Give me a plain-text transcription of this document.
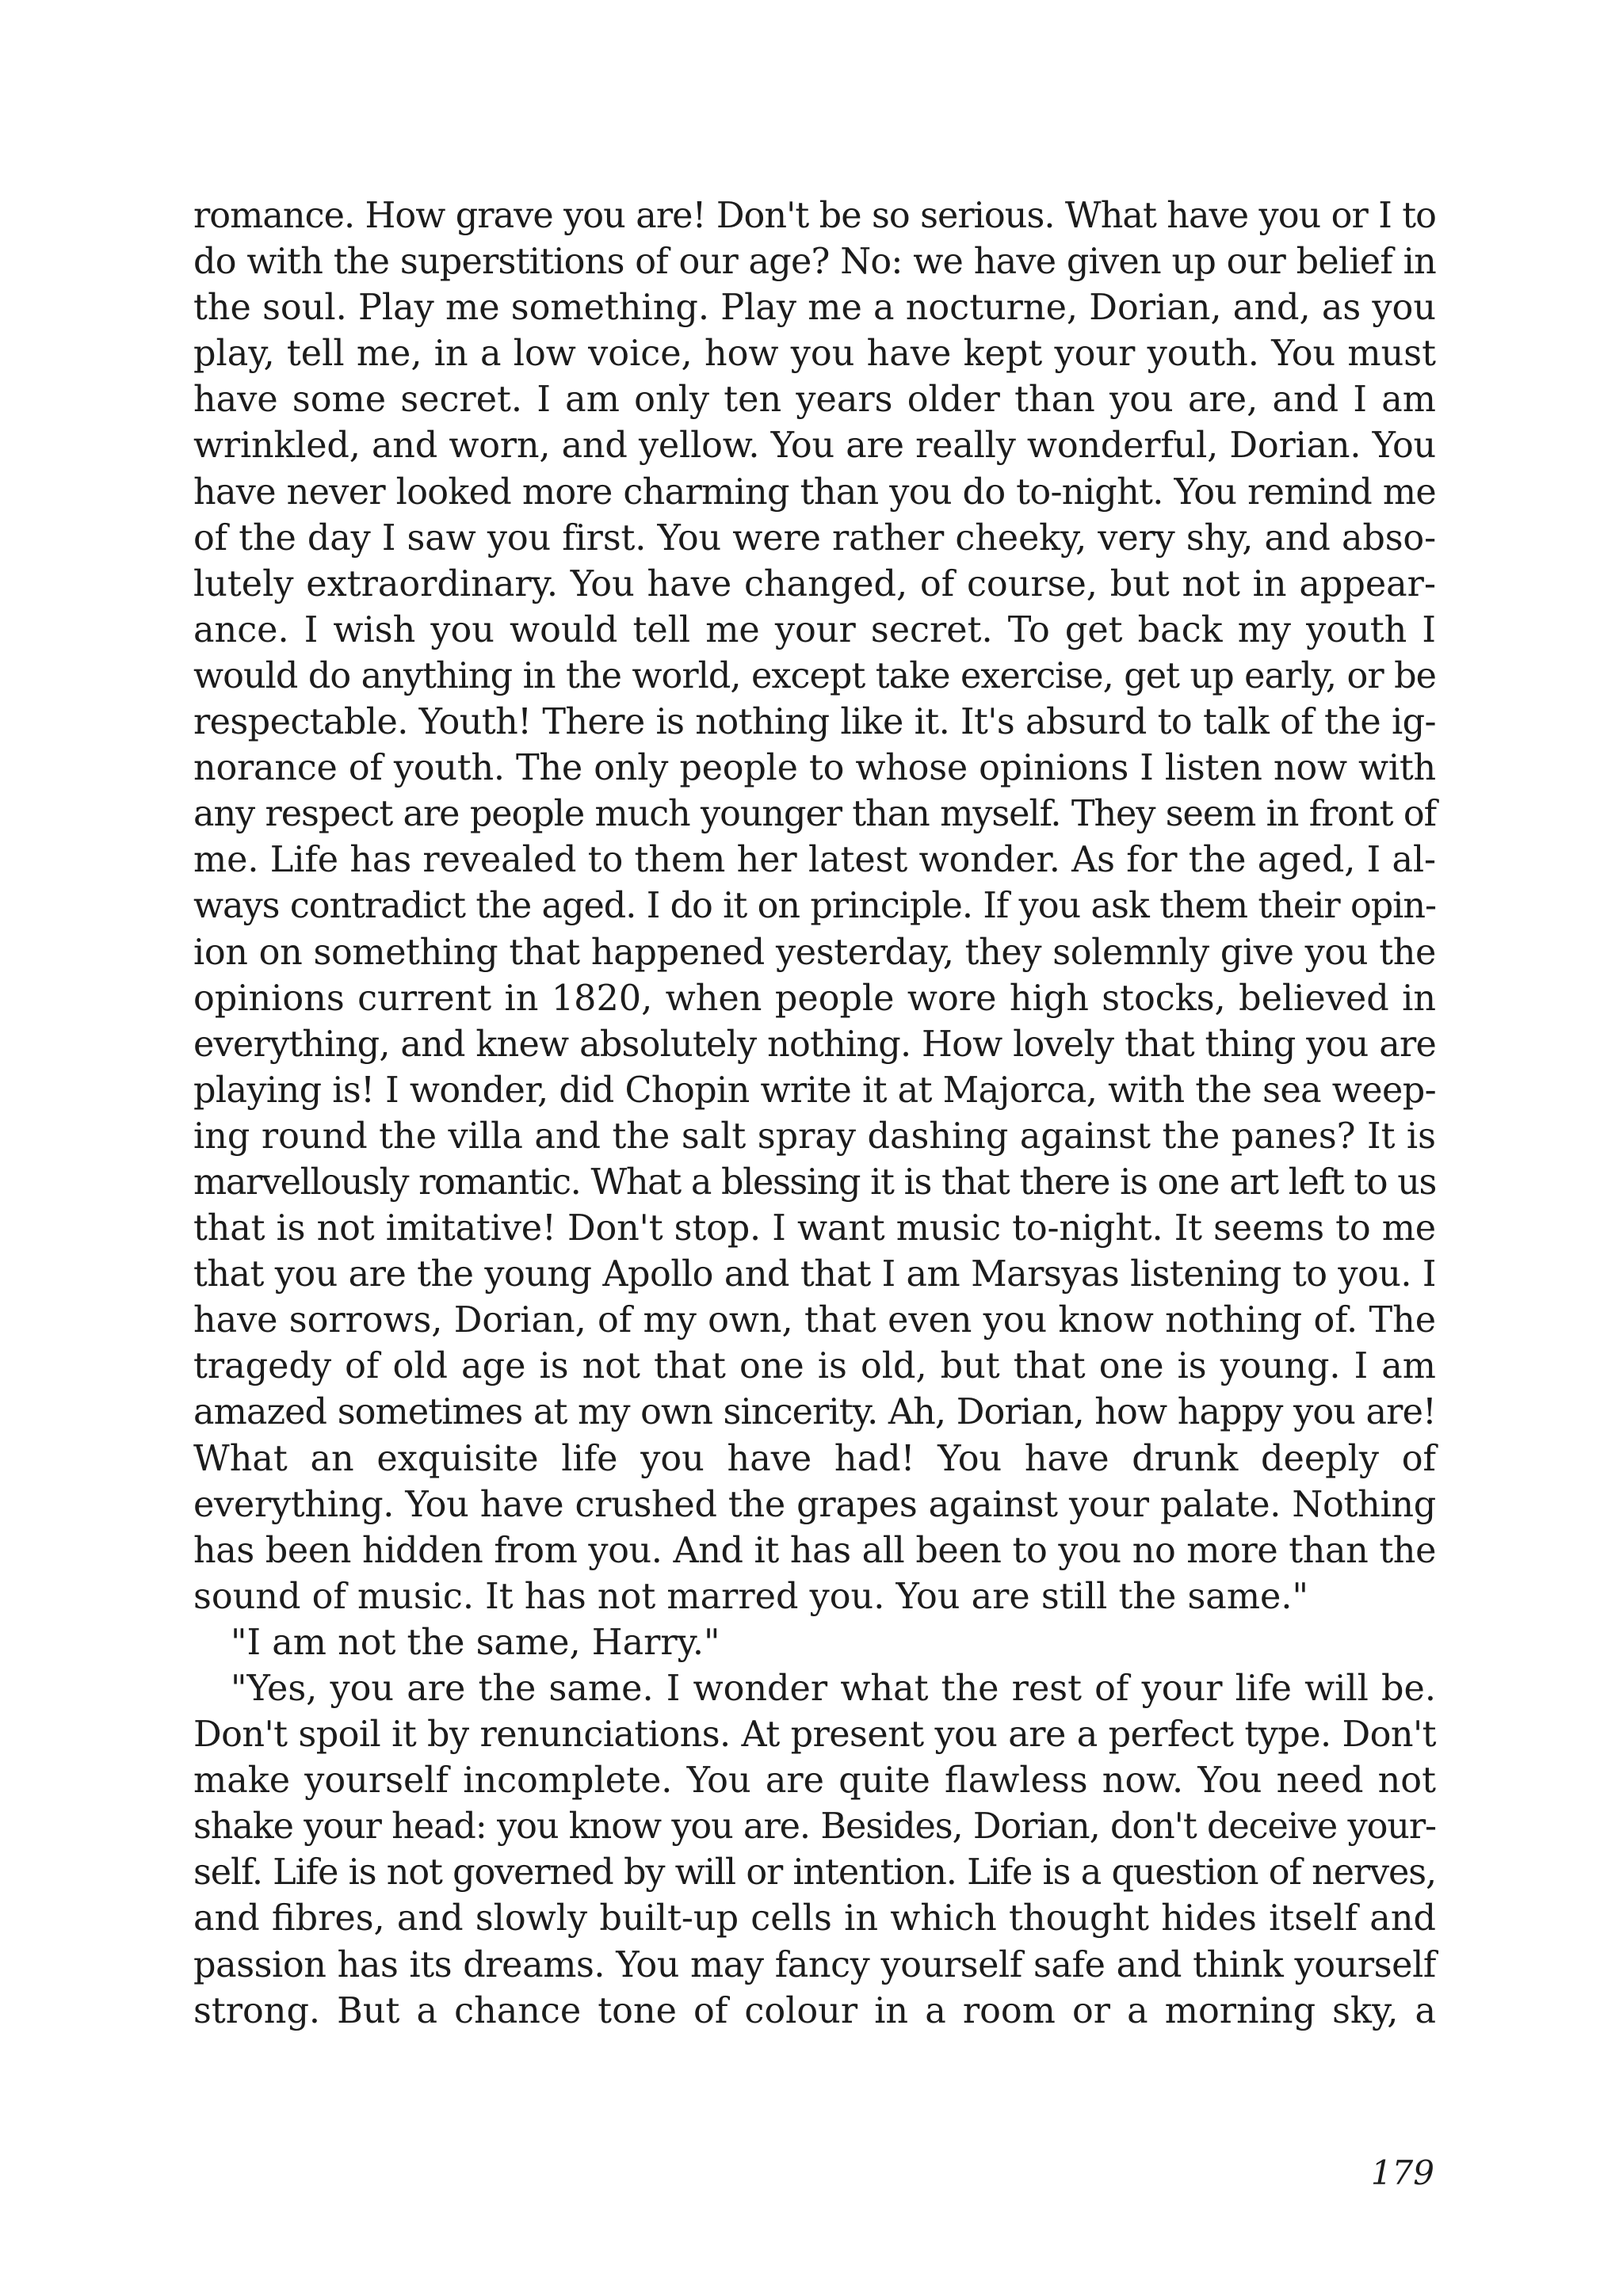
romance. How grave you are! Don't be so serious. What have you or I to
do with the superstitions of our age? No: we have given up our belief in
the soul. Play me something. Play me a nocturne, Dorian, and, as you
play, tell me, in a low voice, how you have kept your youth. You must
have some secret. I am only ten years older than you are, and I am
wrinkled, and worn, and yellow. You are really wonderful, Dorian. You
have never looked more charming than you do to-night. You remind me
of the day I saw you first. You were rather cheeky, very shy, and abso-
lutely extraordinary. You have changed, of course, but not in appear-
ance. I wish you would tell me your secret. To get back my youth I
would do anything in the world, except take exercise, get up early, or be
respectable. Youth! There is nothing like it. It's absurd to talk of the ig-
norance of youth. The only people to whose opinions I listen now with
any respect are people much younger than myself. They seem in front of
me. Life has revealed to them her latest wonder. As for the aged, I al-
ways contradict the aged. I do it on principle. If you ask them their opin-
ion on something that happened yesterday, they solemnly give you the
opinions current in 1820, when people wore high stocks, believed in
everything, and knew absolutely nothing. How lovely that thing you are
playing is! I wonder, did Chopin write it at Majorca, with the sea weep-
ing round the villa and the salt spray dashing against the panes? It is
marvellously romantic. What a blessing it is that there is one art left to us
that is not imitative! Don't stop. I want music to-night. It seems to me
that you are the young Apollo and that I am Marsyas listening to you. I
have sorrows, Dorian, of my own, that even you know nothing of. The
tragedy of old age is not that one is old, but that one is young. I am
amazed sometimes at my own sincerity. Ah, Dorian, how happy you are!
What an exquisite life you have had! You have drunk deeply of
everything. You have crushed the grapes against your palate. Nothing
has been hidden from you. And it has all been to you no more than the
sound of music. It has not marred you. You are still the same."
"I am not the same, Harry."
"Yes, you are the same. I wonder what the rest of your life will be.
Don't spoil it by renunciations. At present you are a perfect type. Don't
make yourself incomplete. You are quite flawless now. You need not
shake your head: you know you are. Besides, Dorian, don't deceive your-
self. Life is not governed by will or intention. Life is a question of nerves,
and fibres, and slowly built-up cells in which thought hides itself and
passion has its dreams. You may fancy yourself safe and think yourself
strong. But a chance tone of colour in a room or a morning sky, a
179
